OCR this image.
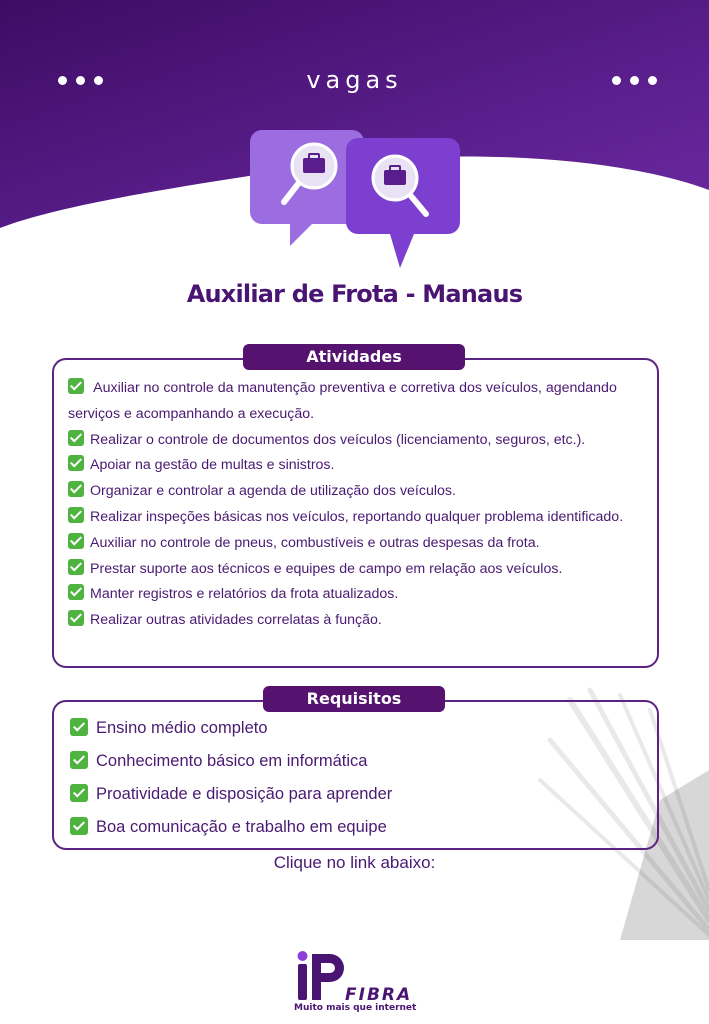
vagas
Auxiliar de Frota - Manaus
Atividades
Auxiliar no controle da manutenção preventiva e corretiva dos veículos, agendando serviços e acompanhando a execução.
Realizar o controle de documentos dos veículos (licenciamento, seguros, etc.).
Apoiar na gestão de multas e sinistros.
Organizar e controlar a agenda de utilização dos veículos.
Realizar inspeções básicas nos veículos, reportando qualquer problema identificado.
Auxiliar no controle de pneus, combustíveis e outras despesas da frota.
Prestar suporte aos técnicos e equipes de campo em relação aos veículos.
Manter registros e relatórios da frota atualizados.
Realizar outras atividades correlatas à função.
Requisitos
Ensino médio completo
Conhecimento básico em informática
Proatividade e disposição para aprender
Boa comunicação e trabalho em equipe
Clique no link abaixo:
FIBRA
Muito mais que internet
